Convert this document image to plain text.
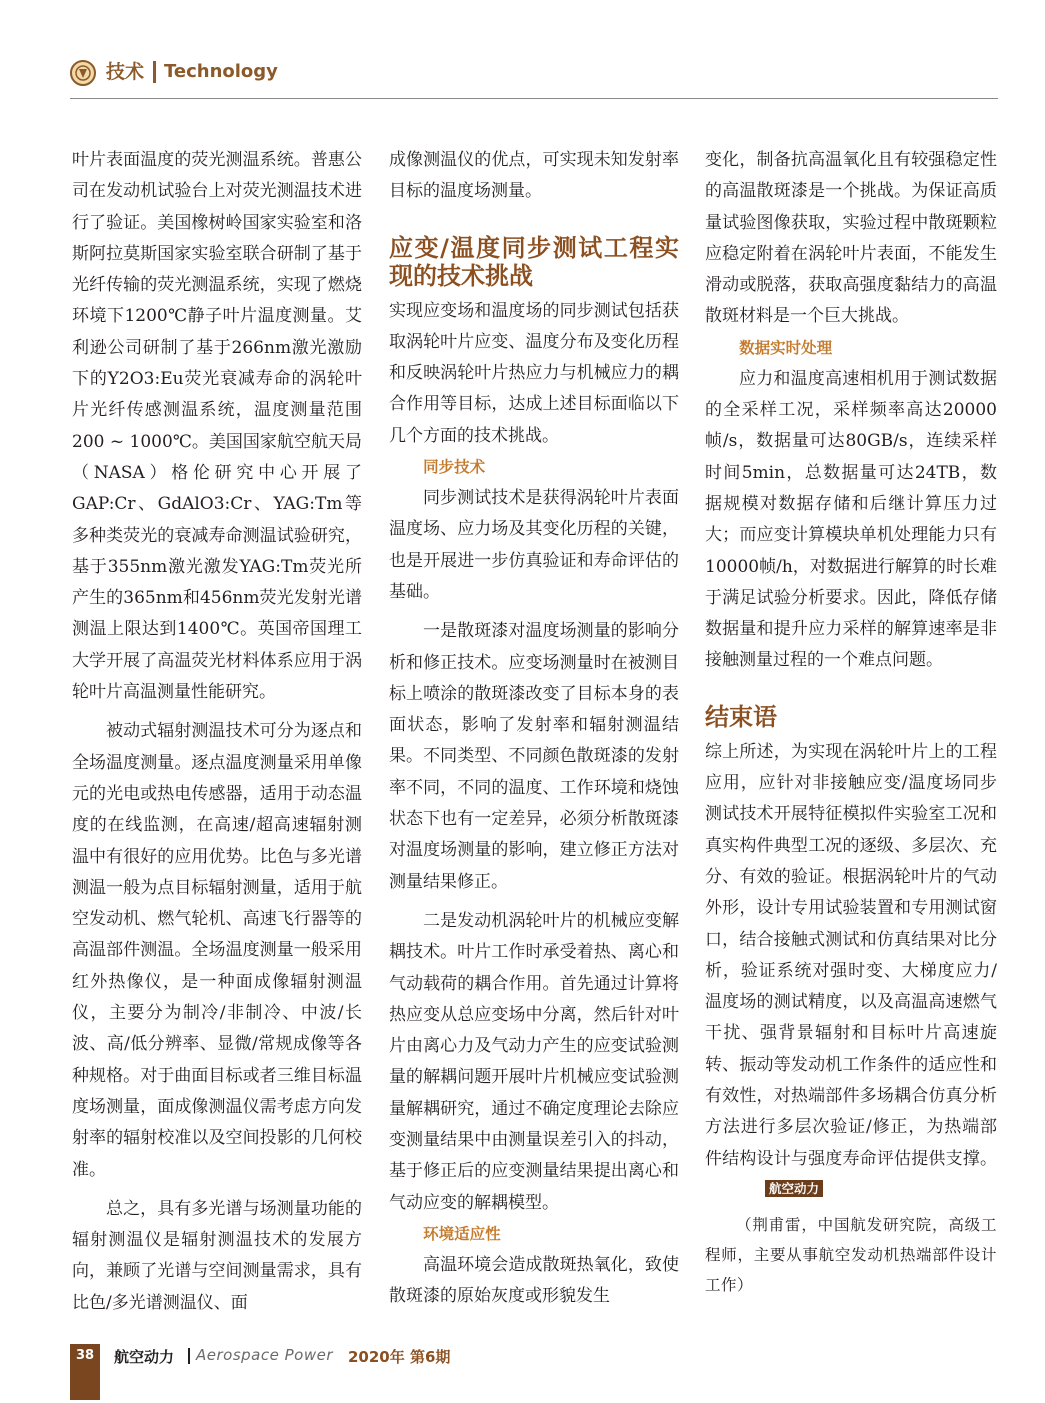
技术 Technology

叶片表面温度的荧光测温系统。普惠公司在发动机试验台上对荧光测温技术进行了验证。美国橡树岭国家实验室和洛斯阿拉莫斯国家实验室联合研制了基于光纤传输的荧光测温系统，实现了燃烧环境下1200℃静子叶片温度测量。艾利逊公司研制了基于266nm激光激励下的Y2O3:Eu荧光衰减寿命的涡轮叶片光纤传感测温系统，温度测量范围200 ~ 1000℃。美国国家航空航天局（NASA）格伦研究中心开展了GAP:Cr、GdAlO3:Cr、YAG:Tm等多种类荧光的衰减寿命测温试验研究，基于355nm激光激发YAG:Tm荧光所产生的365nm和456nm荧光发射光谱测温上限达到1400℃。英国帝国理工大学开展了高温荧光材料体系应用于涡轮叶片高温测量性能研究。

被动式辐射测温技术可分为逐点和全场温度测量。逐点温度测量采用单像元的光电或热电传感器，适用于动态温度的在线监测，在高速/超高速辐射测温中有很好的应用优势。比色与多光谱测温一般为点目标辐射测量，适用于航空发动机、燃气轮机、高速飞行器等的高温部件测温。全场温度测量一般采用红外热像仪，是一种面成像辐射测温仪，主要分为制冷/非制冷、中波/长波、高/低分辨率、显微/常规成像等各种规格。对于曲面目标或者三维目标温度场测量，面成像测温仪需考虑方向发射率的辐射校准以及空间投影的几何校准。

总之，具有多光谱与场测量功能的辐射测温仪是辐射测温技术的发展方向，兼顾了光谱与空间测量需求，具有比色/多光谱测温仪、面

成像测温仪的优点，可实现未知发射率目标的温度场测量。

应变/温度同步测试工程实现的技术挑战

实现应变场和温度场的同步测试包括获取涡轮叶片应变、温度分布及变化历程和反映涡轮叶片热应力与机械应力的耦合作用等目标，达成上述目标面临以下几个方面的技术挑战。

同步技术

同步测试技术是获得涡轮叶片表面温度场、应力场及其变化历程的关键，也是开展进一步仿真验证和寿命评估的基础。

一是散斑漆对温度场测量的影响分析和修正技术。应变场测量时在被测目标上喷涂的散斑漆改变了目标本身的表面状态，影响了发射率和辐射测温结果。不同类型、不同颜色散斑漆的发射率不同，不同的温度、工作环境和烧蚀状态下也有一定差异，必须分析散斑漆对温度场测量的影响，建立修正方法对测量结果修正。

二是发动机涡轮叶片的机械应变解耦技术。叶片工作时承受着热、离心和气动载荷的耦合作用。首先通过计算将热应变从总应变场中分离，然后针对叶片由离心力及气动力产生的应变试验测量的解耦问题开展叶片机械应变试验测量解耦研究，通过不确定度理论去除应变测量结果中由测量误差引入的抖动，基于修正后的应变测量结果提出离心和气动应变的解耦模型。

环境适应性

高温环境会造成散斑热氧化，致使散斑漆的原始灰度或形貌发生

变化，制备抗高温氧化且有较强稳定性的高温散斑漆是一个挑战。为保证高质量试验图像获取，实验过程中散斑颗粒应稳定附着在涡轮叶片表面，不能发生滑动或脱落，获取高强度黏结力的高温散斑材料是一个巨大挑战。

数据实时处理

应力和温度高速相机用于测试数据的全采样工况，采样频率高达20000帧/s，数据量可达80GB/s，连续采样时间5min，总数据量可达24TB，数据规模对数据存储和后继计算压力过大；而应变计算模块单机处理能力只有10000帧/h，对数据进行解算的时长难于满足试验分析要求。因此，降低存储数据量和提升应力采样的解算速率是非接触测量过程的一个难点问题。

结束语

综上所述，为实现在涡轮叶片上的工程应用，应针对非接触应变/温度场同步测试技术开展特征模拟件实验室工况和真实构件典型工况的逐级、多层次、充分、有效的验证。根据涡轮叶片的气动外形，设计专用试验装置和专用测试窗口，结合接触式测试和仿真结果对比分析，验证系统对强时变、大梯度应力/温度场的测试精度，以及高温高速燃气干扰、强背景辐射和目标叶片高速旋转、振动等发动机工作条件的适应性和有效性，对热端部件多场耦合仿真分析方法进行多层次验证/修正，为热端部件结构设计与强度寿命评估提供支撑。航空动力

（荆甫雷，中国航发研究院，高级工程师，主要从事航空发动机热端部件设计工作）
38	航空动力 Aerospace Power 2020年 第6期
